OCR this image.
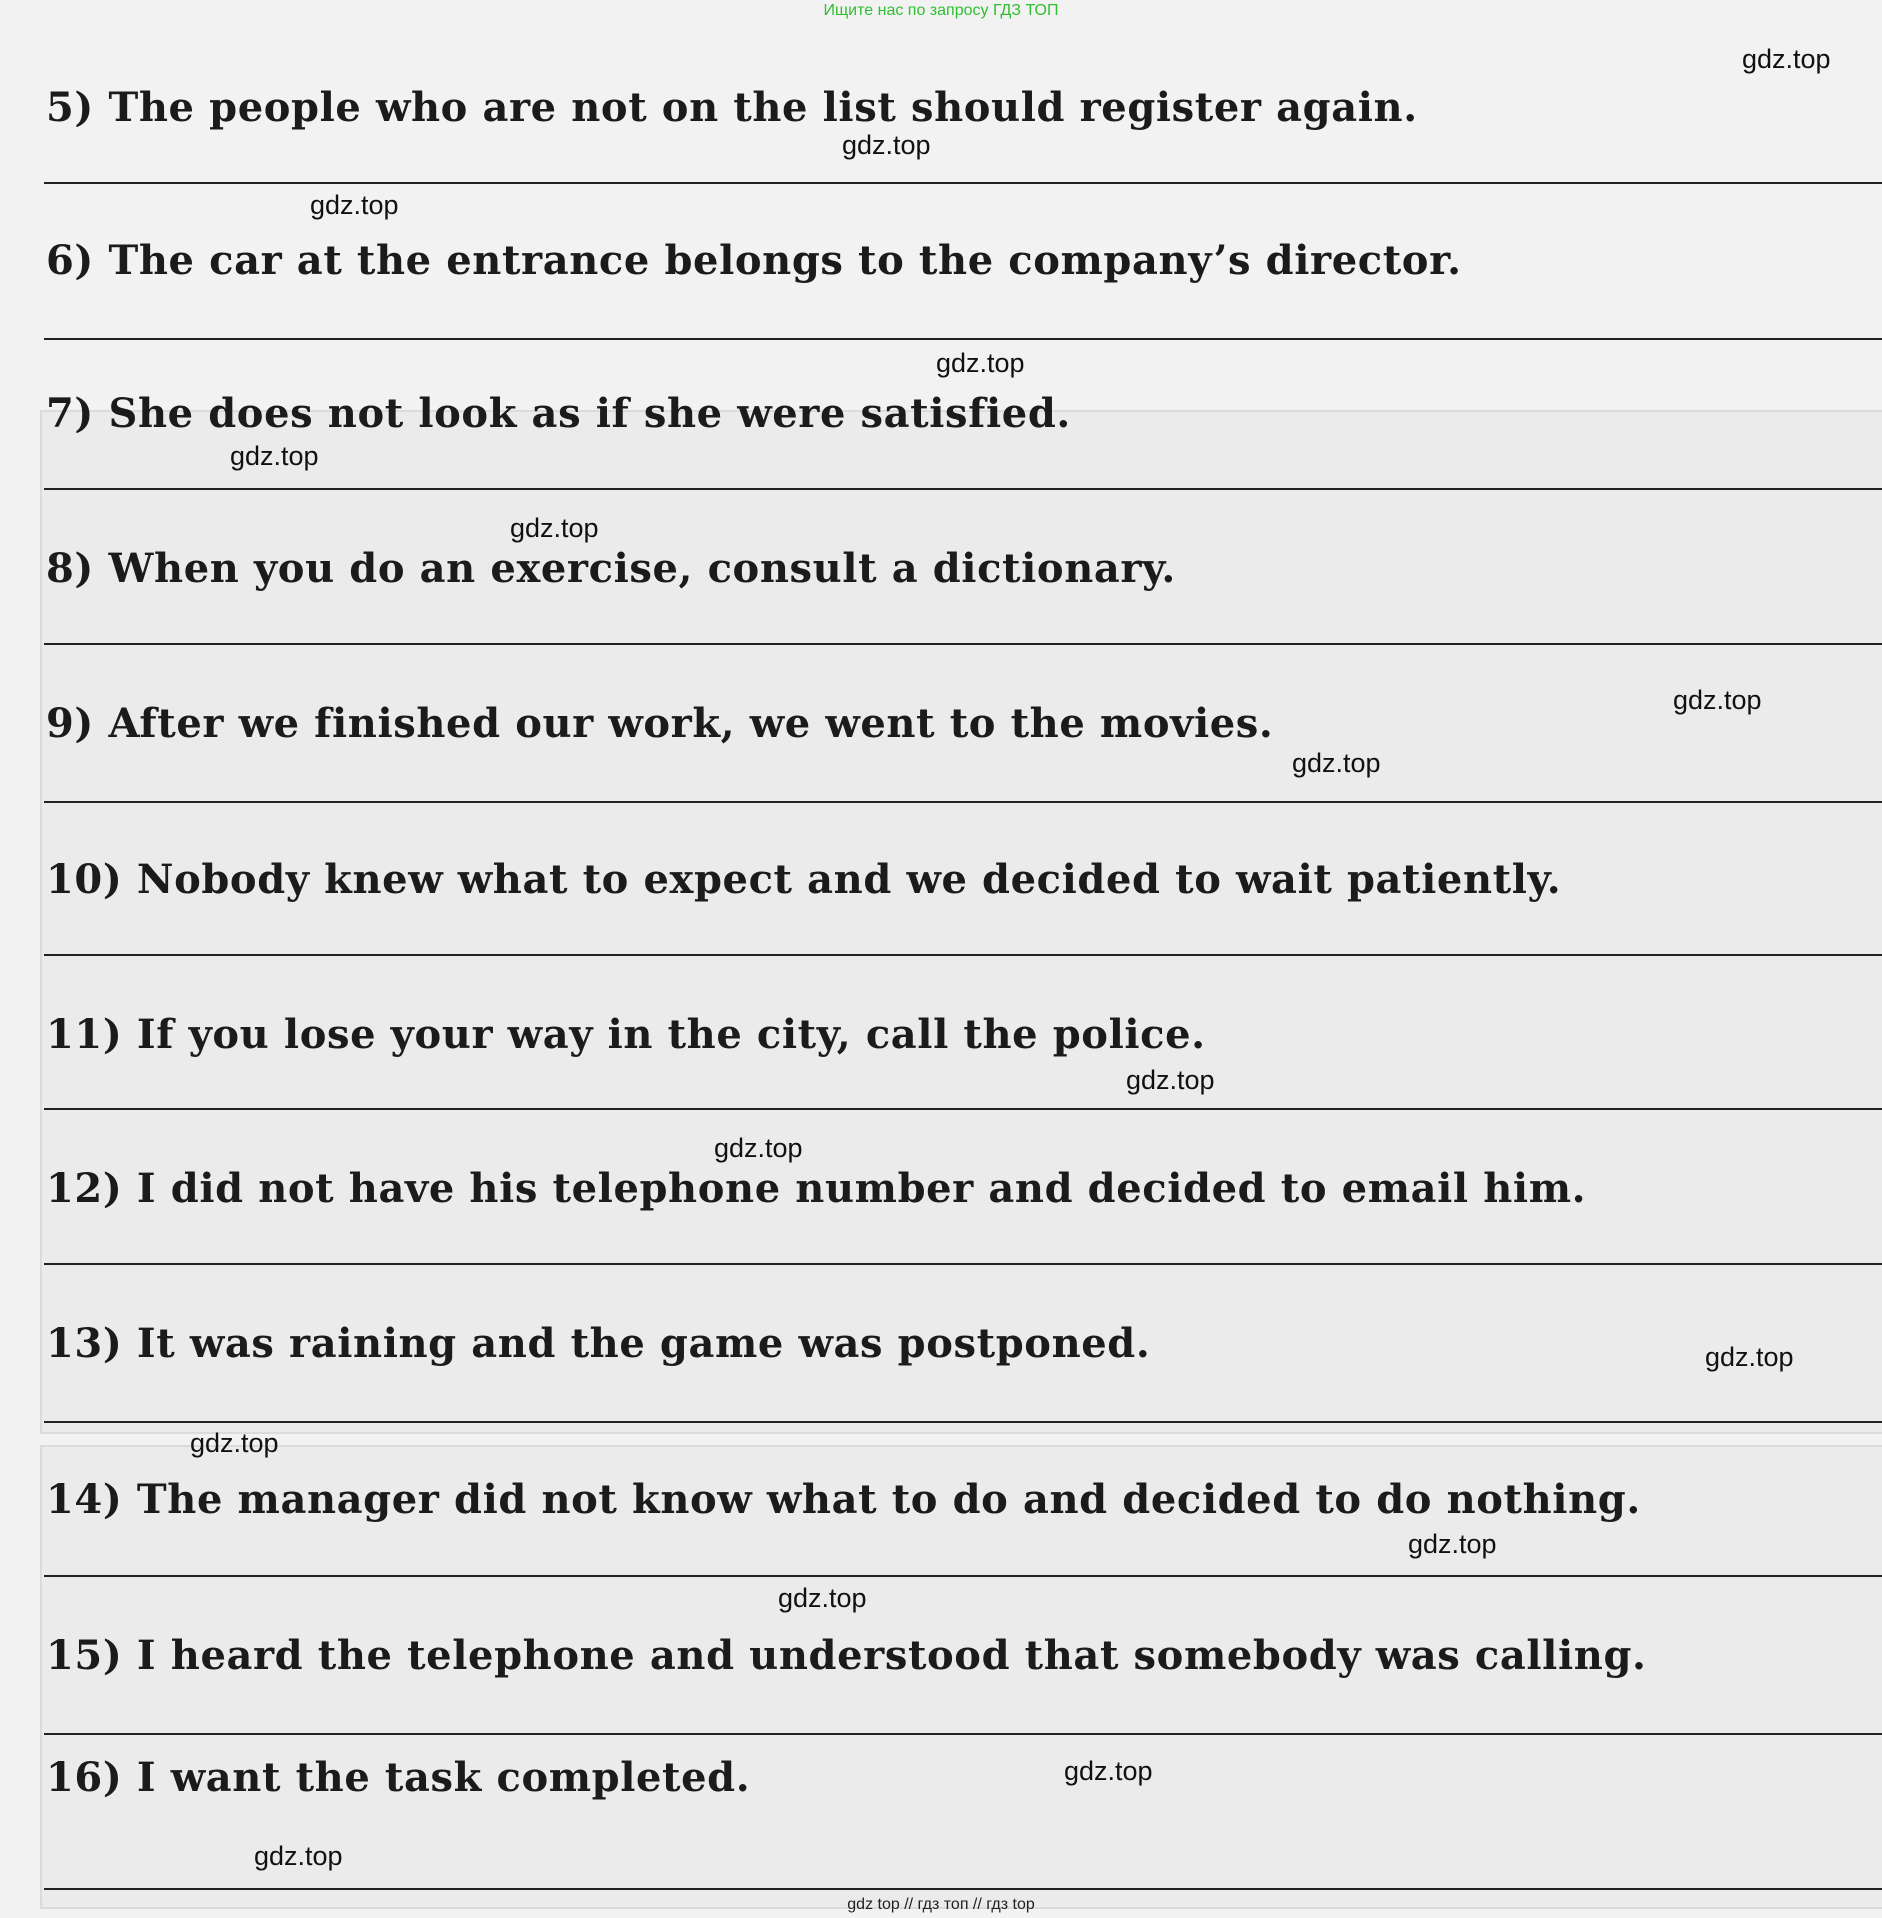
Ищите нас по запросу ГДЗ ТОП
gdz.top
gdz.top
gdz.top
gdz.top
gdz.top
gdz.top
gdz.top
gdz.top
gdz.top
gdz.top
gdz.top
gdz.top
gdz.top
gdz.top
gdz.top
gdz.top
5) The people who are not on the list should register again.
6) The car at the entrance belongs to the company’s director.
7) She does not look as if she were satisfied.
8) When you do an exercise, consult a dictionary.
9) After we finished our work, we went to the movies.
10) Nobody knew what to expect and we decided to wait patiently.
11) If you lose your way in the city, call the police.
12) I did not have his telephone number and decided to email him.
13) It was raining and the game was postponed.
14) The manager did not know what to do and decided to do nothing.
15) I heard the telephone and understood that somebody was calling.
16) I want the task completed.
gdz top // гдз топ // гдз top
